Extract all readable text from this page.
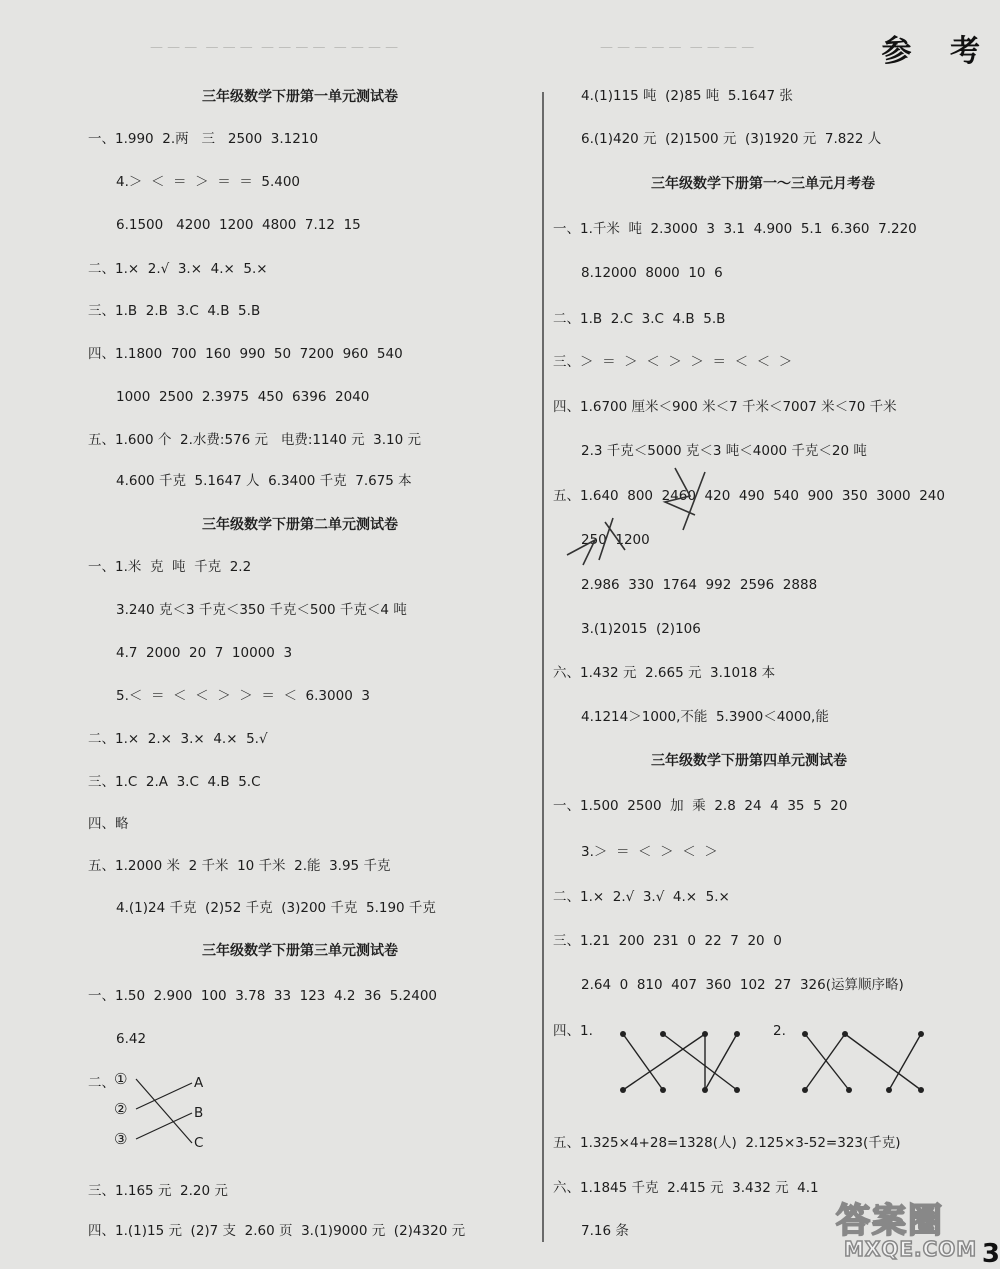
参 考
— — —  — — —  — — — —  — — — —	— — — — —  — — — —
三年级数学下册第一单元测试卷
一、1.990  2.两   三   2500  3.1210
4.＞  ＜  ＝  ＞  ＝  ＝  5.400
6.1500   4200  1200  4800  7.12  15
二、1.×  2.√  3.×  4.×  5.×
三、1.B  2.B  3.C  4.B  5.B
四、1.1800  700  160  990  50  7200  960  540
1000  2500  2.3975  450  6396  2040
五、1.600 个  2.水费:576 元   电费:1140 元  3.10 元
4.600 千克  5.1647 人  6.3400 千克  7.675 本
三年级数学下册第二单元测试卷
一、1.米  克  吨  千克  2.2
3.240 克＜3 千克＜350 千克＜500 千克＜4 吨
4.7  2000  20  7  10000  3
5.＜  ＝  ＜  ＜  ＞  ＞  ＝  ＜  6.3000  3
二、1.×  2.×  3.×  4.×  5.√
三、1.C  2.A  3.C  4.B  5.C
四、略
五、1.2000 米  2 千米  10 千米  2.能  3.95 千克
4.(1)24 千克  (2)52 千克  (3)200 千克  5.190 千克
三年级数学下册第三单元测试卷
一、1.50  2.900  100  3.78  33  123  4.2  36  5.2400
6.42
二、 ①
②
③
A
B
C
三、1.165 元  2.20 元
四、1.(1)15 元  (2)7 支  2.60 页  3.(1)9000 元  (2)4320 元
4.(1)115 吨  (2)85 吨  5.1647 张
6.(1)420 元  (2)1500 元  (3)1920 元  7.822 人
三年级数学下册第一～三单元月考卷
一、1.千米  吨  2.3000  3  3.1  4.900  5.1  6.360  7.220
8.12000  8000  10  6
二、1.B  2.C  3.C  4.B  5.B
三、＞  ＝  ＞  ＜  ＞  ＞  ＝  ＜  ＜  ＞
四、1.6700 厘米＜900 米＜7 千米＜7007 米＜70 千米
2.3 千克＜5000 克＜3 吨＜4000 千克＜20 吨
五、1.640  800  2460  420  490  540  900  350  3000  240
250  1200
2.986  330  1764  992  2596  2888
3.(1)2015  (2)106
六、1.432 元  2.665 元  3.1018 本
4.1214＞1000,不能  5.3900＜4000,能
三年级数学下册第四单元测试卷
一、1.500  2500  加  乘  2.8  24  4  35  5  20
3.＞  ＝  ＜  ＞  ＜  ＞
二、1.×  2.√  3.√  4.×  5.×
三、1.21  200  231  0  22  7  20  0
2.64  0  810  407  360  102  27  326(运算顺序略)
四、1.	2.
五、1.325×4+28=1328(人)  2.125×3-52=323(千克)
六、1.1845 千克  2.415 元  3.432 元  4.1
7.16 条	答案圈
MXQE.COM 3
